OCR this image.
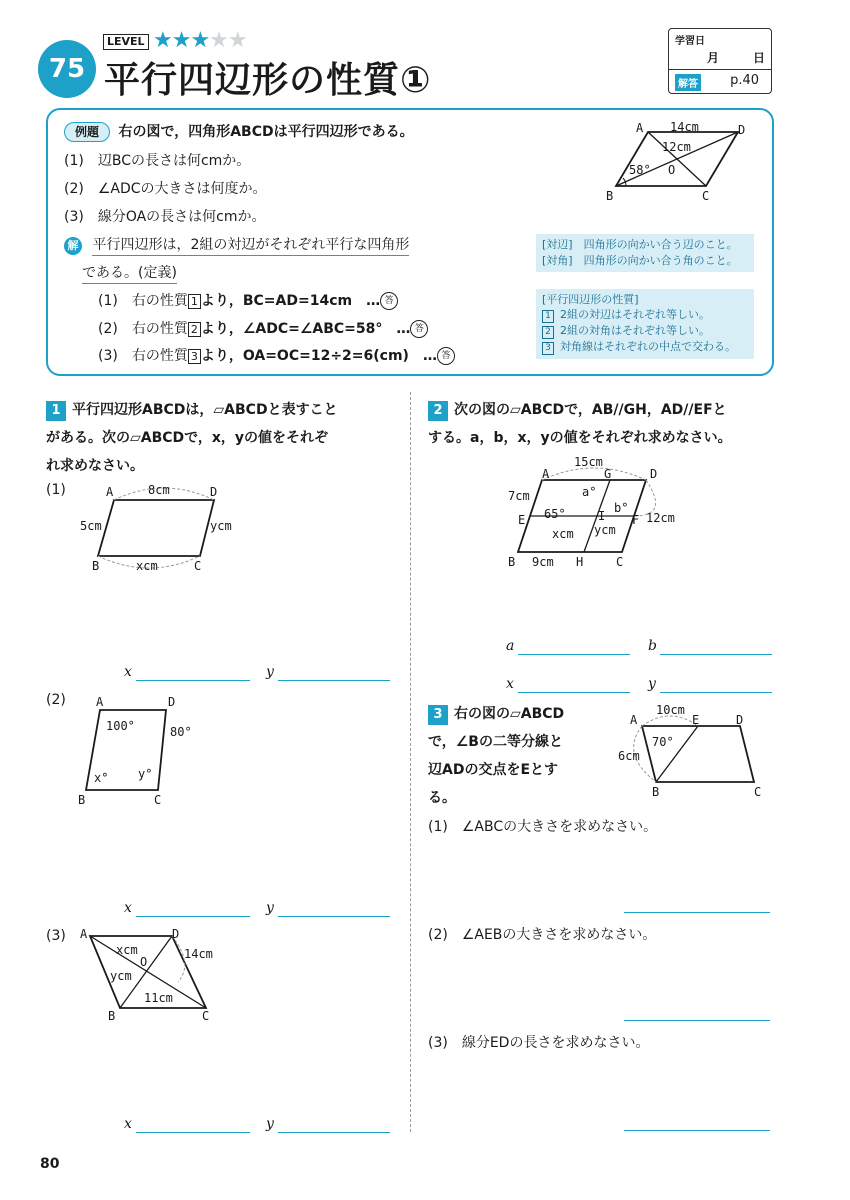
75
LEVEL ★★★★★
平行四辺形の性質①
学習日
月	日
解答 p.40
例題 右の図で，四角形ABCDは平行四辺形である。
(1)　辺BCの長さは何cmか。
(2)　∠ADCの大きさは何度か。
(3)　線分OAの長さは何cmか。
解 平行四辺形は，2組の対辺がそれぞれ平行な四角形
である。(定義)
(1)　右の性質 1 より，BC=AD=14cm　… 答
(2)　右の性質 2 より，∠ADC=∠ABC=58°　… 答
(3)　右の性質 3 より，OA=OC=12÷2=6(cm)　… 答
A	D
B	C
O
14cm
12cm
58°
[対辺]　四角形の向かい合う辺のこと。
[対角]　四角形の向かい合う角のこと。
[平行四辺形の性質]
1 2組の対辺はそれぞれ等しい。
2 2組の対角はそれぞれ等しい。
3 対角線はそれぞれの中点で交わる。
1 平行四辺形ABCDは，▱ABCDと表すこと
がある。次の▱ABCDで，x，yの値をそれぞ
れ求めなさい。
(1)	A	D
B	C
8cm
5cm	ycm
xcm
x	y
(2)	A	D
B	C
100°	80°
x° y°
x	y
(3) A	D
B	C
O
xcm
ycm
11cm
14cm
x	y
2 次の図の▱ABCDで，AB//GH，AD//EFと
する。a，b，x，yの値をそれぞれ求めなさい。
A	G	D
E	F
I
B	H	C
15cm
7cm
12cm
9cm
65°
a°
b°
xcm ycm
a	b
x	y
3 右の図の▱ABCD
で，∠Bの二等分線と
辺ADの交点をEとす
る。
A	E	D
B	C
10cm
6cm
70°
(1)　∠ABCの大きさを求めなさい。
(2)　∠AEBの大きさを求めなさい。
(3)　線分EDの長さを求めなさい。
80
